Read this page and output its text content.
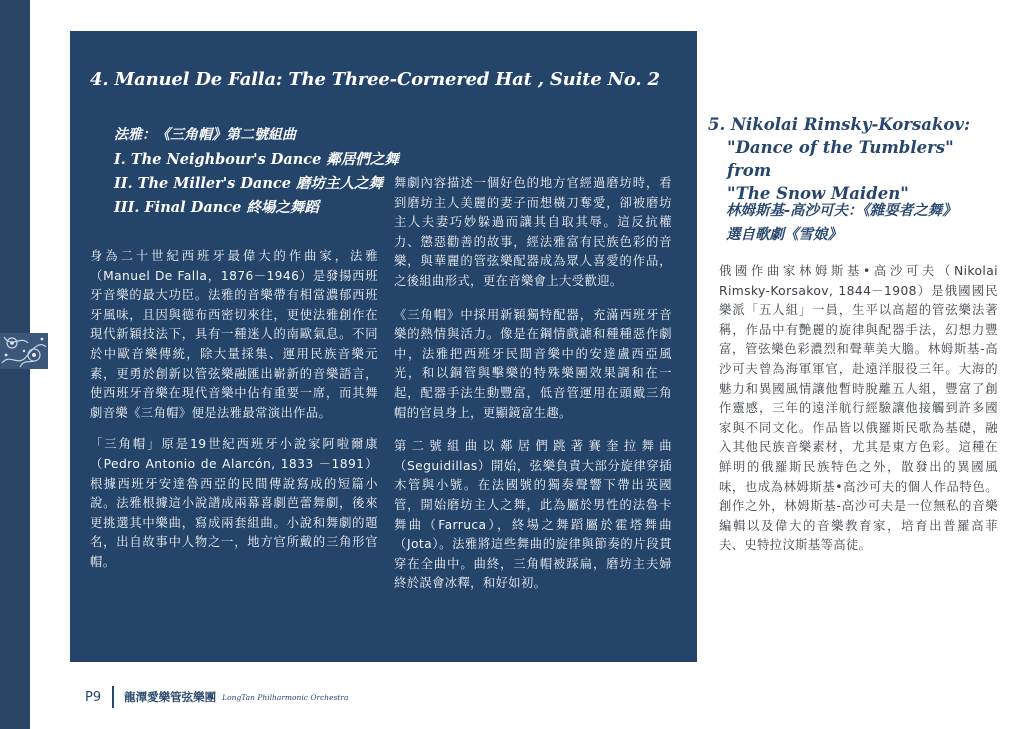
4. Manuel De Falla: The Three-Cornered Hat , Suite No. 2
法雅：《三角帽》第二號組曲
I. The Neighbour's Dance 鄰居們之舞
II. The Miller's Dance 磨坊主人之舞
III. Final Dance 終場之舞蹈

身為二十世紀西班牙最偉大的作曲家，法雅（Manuel De Falla，1876－1946）是發揚西班牙音樂的最大功臣。法雅的音樂帶有相當濃郁西班牙風味，且因與德布西密切來往，更使法雅創作在現代新穎技法下，具有一種迷人的南歐氣息。不同於中歐音樂傳統，除大量採集、運用民族音樂元素，更勇於創新以管弦樂融匯出嶄新的音樂語言，使西班牙音樂在現代音樂中佔有重要一席，而其舞劇音樂《三角帽》便是法雅最常演出作品。

「三角帽」原是19世紀西班牙小說家阿啦爾康（Pedro Antonio de Alarcón, 1833 －1891）根據西班牙安達魯西亞的民間傳說寫成的短篇小說。法雅根據這小說譜成兩幕喜劇芭蕾舞劇，後來更挑選其中樂曲，寫成兩套組曲。小說和舞劇的題名，出自故事中人物之一，地方官所戴的三角形官帽。

舞劇內容描述一個好色的地方官經過磨坊時，看到磨坊主人美麗的妻子而想橫刀奪愛，卻被磨坊主人夫妻巧妙躲過而讓其自取其辱。這反抗權力、懲惡勸善的故事，經法雅富有民族色彩的音樂，與華麗的管弦樂配器成為眾人喜愛的作品，之後組曲形式，更在音樂會上大受歡迎。

《三角帽》中採用新穎獨特配器，充滿西班牙音樂的熱情與活力。像是在鋼情戲謔和種種惡作劇中，法雅把西班牙民間音樂中的安達盧西亞風光，和以銅管與擊樂的特殊樂團效果調和在一起，配器手法生動豐富，低音管運用在頭戴三角帽的官員身上，更顯鏡富生趣。

第二號組曲以鄰居們跳著賽奎拉舞曲（Seguidillas）開始，弦樂負責大部分旋律穿插木管與小號。在法國號的獨奏聲響下帶出英國管，開始磨坊主人之舞，此為屬於男性的法魯卡舞曲（Farruca），終場之舞蹈屬於霍塔舞曲（Jota）。法雅將這些舞曲的旋律與節奏的片段貫穿在全曲中。曲終，三角帽被踩扁，磨坊主夫婦終於誤會冰釋，和好如初。

5. Nikolai Rimsky-Korsakov:
"Dance of the Tumblers" from
"The Snow Maiden"
林姆斯基-高沙可夫：《雜耍者之舞》
選自歌劇《雪娘》

俄國作曲家林姆斯基•高沙可夫（Nikolai Rimsky-Korsakov, 1844－1908）是俄國國民樂派「五人組」一員，生平以高超的管弦樂法著稱，作品中有艷麗的旋律與配器手法，幻想力豐富，管弦樂色彩濃烈和聲華美大膽。林姆斯基-高沙可夫曾為海軍軍官，赴遠洋服役三年。大海的魅力和異國風情讓他暫時脫離五人組，豐富了創作靈感，三年的遠洋航行經驗讓他接觸到許多國家與不同文化。作品皆以俄羅斯民歌為基礎，融入其他民族音樂素材，尤其是東方色彩。這種在鮮明的俄羅斯民族特色之外，散發出的異國風味，也成為林姆斯基•高沙可夫的個人作品特色。創作之外，林姆斯基-高沙可夫是一位無私的音樂編輯以及偉大的音樂教育家，培育出普羅高菲夫、史特拉汶斯基等高徒。

P9 龍潭愛樂管弦樂團 LongTan Philharmonic Orchestra
